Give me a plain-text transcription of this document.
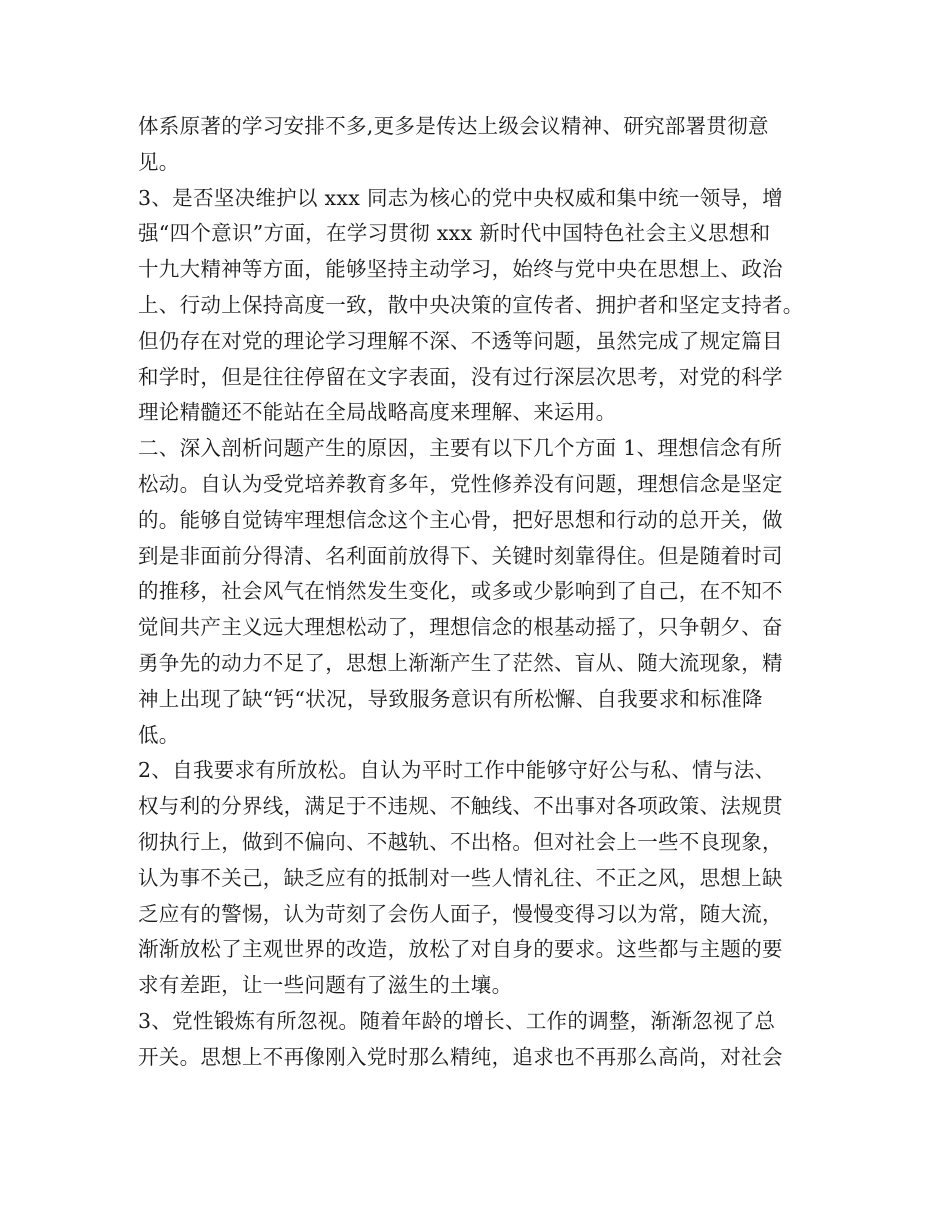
体系原著的学习安排不多,更多是传达上级会议精神、研究部署贯彻意
见。
3、是否坚决维护以 xxx 同志为核心的党中央权威和集中统一领导，增
强“四个意识”方面，在学习贯彻 xxx 新时代中国特色社会主义思想和
十九大精神等方面，能够坚持主动学习，始终与党中央在思想上、政治
上、行动上保持高度一致，散中央决策的宣传者、拥护者和坚定支持者。
但仍存在对党的理论学习理解不深、不透等问题，虽然完成了规定篇目
和学时，但是往往停留在文字表面，没有过行深层次思考，对党的科学
理论精髓还不能站在全局战略高度来理解、来运用。
二、深入剖析问题产生的原因，主要有以下几个方面 1、理想信念有所
松动。自认为受党培养教育多年，党性修养没有问题，理想信念是坚定
的。能够自觉铸牢理想信念这个主心骨，把好思想和行动的总开关，做
到是非面前分得清、名利面前放得下、关键时刻靠得住。但是随着时司
的推移，社会风气在悄然发生变化，或多或少影响到了自己，在不知不
觉间共产主义远大理想松动了，理想信念的根基动摇了，只争朝夕、奋
勇争先的动力不足了，思想上渐渐产生了茫然、盲从、随大流现象，精
神上出现了缺“钙“状况，导致服务意识有所松懈、自我要求和标准降
低。
2、自我要求有所放松。自认为平时工作中能够守好公与私、情与法、
权与利的分界线，满足于不违规、不触线、不出事对各项政策、法规贯
彻执行上，做到不偏向、不越轨、不出格。但对社会上一些不良现象，
认为事不关己，缺乏应有的抵制对一些人情礼往、不正之风，思想上缺
乏应有的警惕，认为苛刻了会伤人面子，慢慢变得习以为常，随大流，
渐渐放松了主观世界的改造，放松了对自身的要求。这些都与主题的要
求有差距，让一些问题有了滋生的土壤。
3、党性锻炼有所忽视。随着年龄的增长、工作的调整，渐渐忽视了总
开关。思想上不再像刚入党时那么精纯，追求也不再那么高尚，对社会
